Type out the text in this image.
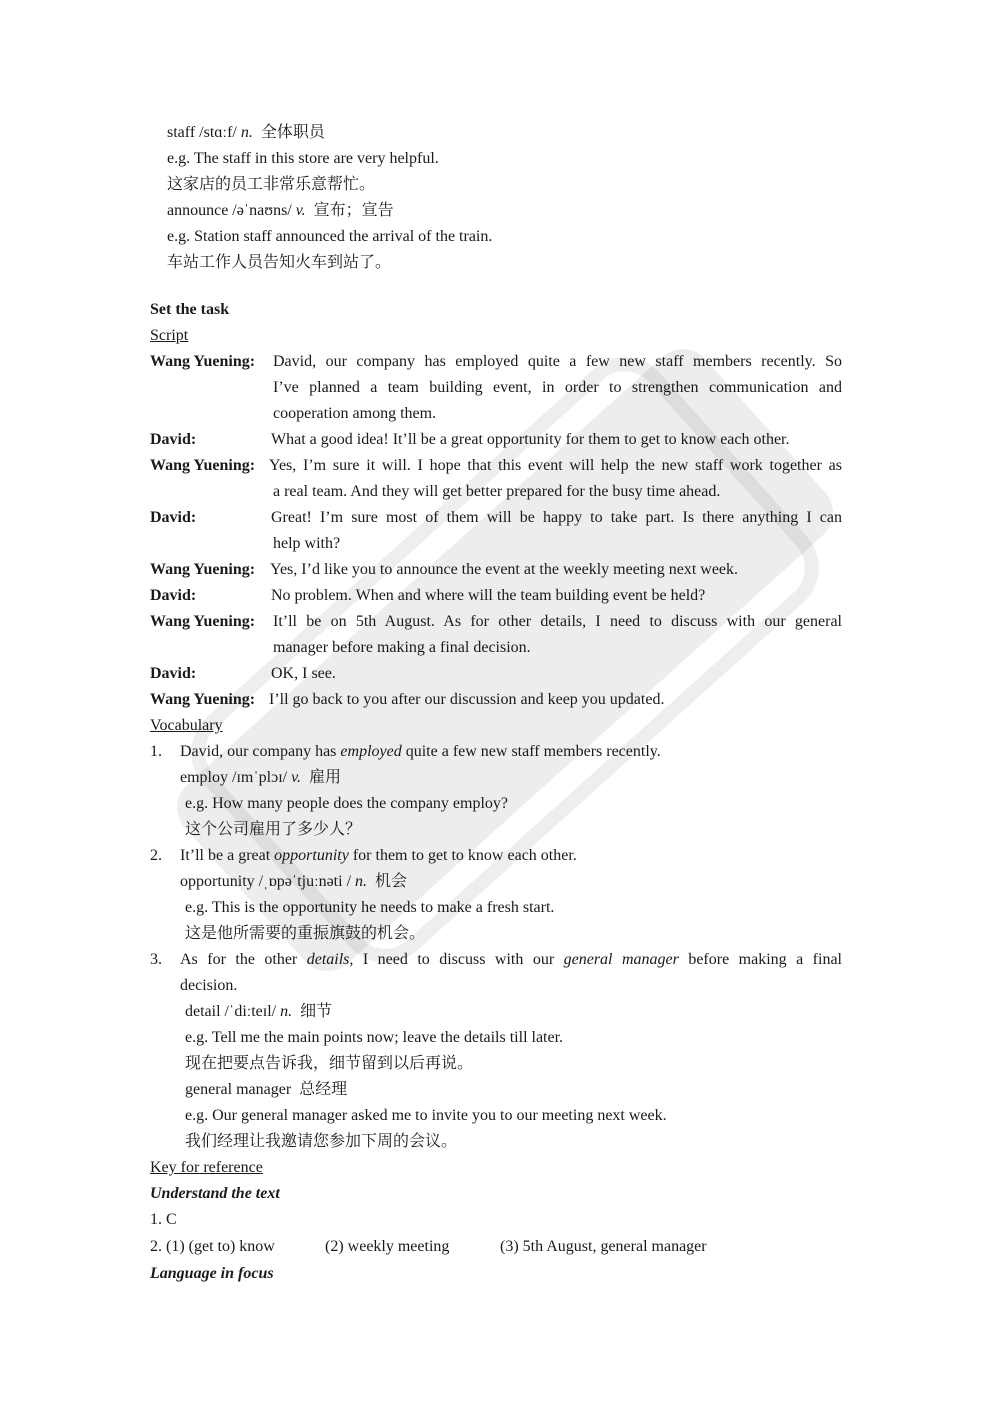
staff /stɑːf/ n. 全体职员
e.g. The staff in this store are very helpful.
这家店的员工非常乐意帮忙。
announce /əˈnaʊns/ v. 宣布；宣告
e.g. Station staff announced the arrival of the train.
车站工作人员告知火车到站了。
Set the task
Script
Wang Yuening: David, our company has employed quite a few new staff members recently. So
I’ve planned a team building event, in order to strengthen communication and
cooperation among them.
David:	What a good idea! It’ll be a great opportunity for them to get to know each other.
Wang Yuening: Yes, I’m sure it will. I hope that this event will help the new staff work together as
a real team. And they will get better prepared for the busy time ahead.
David:	Great! I’m sure most of them will be happy to take part. Is there anything I can
help with?
Wang Yuening: Yes, I’d like you to announce the event at the weekly meeting next week.
David:	No problem. When and where will the team building event be held?
Wang Yuening: It’ll be on 5th August. As for other details, I need to discuss with our general
manager before making a final decision.
David:	OK, I see.
Wang Yuening: I’ll go back to you after our discussion and keep you updated.
Vocabulary
1. David, our company has employed quite a few new staff members recently.
employ /ɪmˈplɔɪ/ v. 雇用
e.g. How many people does the company employ?
这个公司雇用了多少人？
2. It’ll be a great opportunity for them to get to know each other.
opportunity /ˌɒpəˈtjuːnəti / n. 机会
e.g. This is the opportunity he needs to make a fresh start.
这是他所需要的重振旗鼓的机会。
3. As for the other details, I need to discuss with our general manager before making a final
decision.
detail /ˈdiːteɪl/ n. 细节
e.g. Tell me the main points now; leave the details till later.
现在把要点告诉我，细节留到以后再说。
general manager 总经理
e.g. Our general manager asked me to invite you to our meeting next week.
我们经理让我邀请您参加下周的会议。
Key for reference
Understand the text
1. C
2. (1) (get to) know	(2) weekly meeting	(3) 5th August, general manager
Language in focus
